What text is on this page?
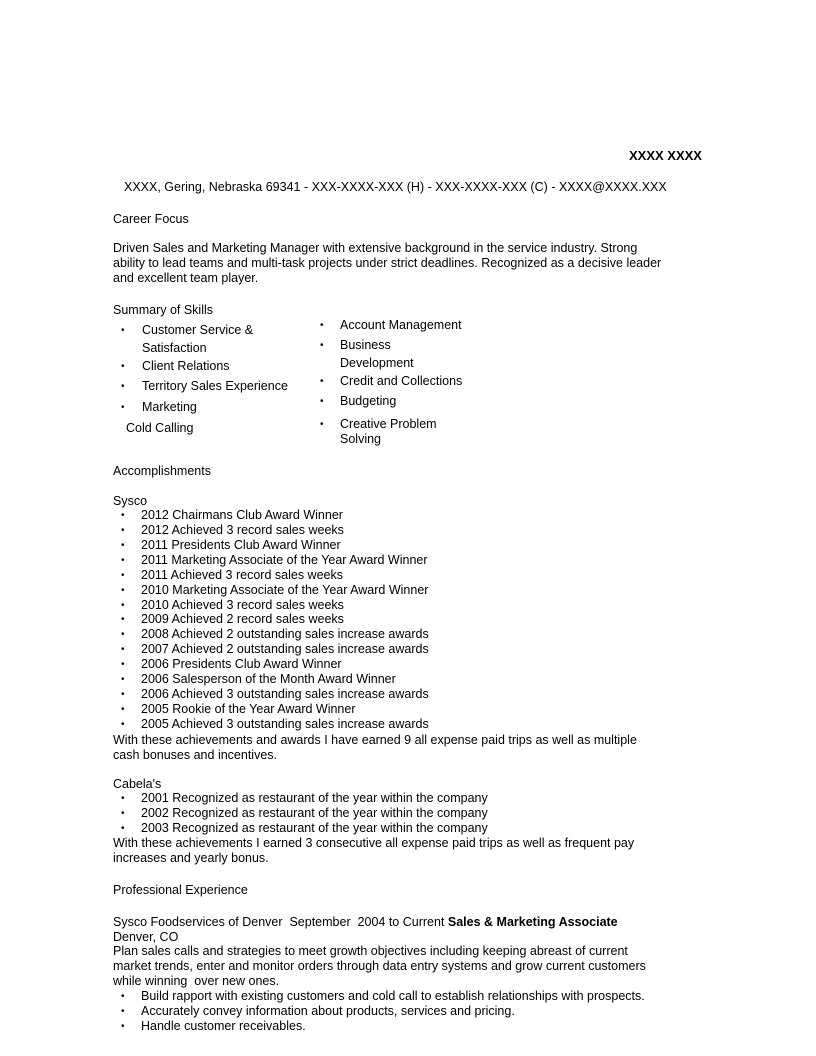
XXXX XXXX
XXXX, Gering, Nebraska 69341 - XXX-XXXX-XXX (H) - XXX-XXXX-XXX (C) - XXXX@XXXX.XXX
Career Focus
Driven Sales and Marketing Manager with extensive background in the service industry. Strong
ability to lead teams and multi-task projects under strict deadlines. Recognized as a decisive leader
and excellent team player.
Summary of Skills
• Customer Service &
Satisfaction
• Client Relations
• Territory Sales Experience
• Marketing
Cold Calling
• Account Management
• Business
Development
• Credit and Collections
• Budgeting
• Creative Problem
Solving
Accomplishments
Sysco
• 2012 Chairmans Club Award Winner
• 2012 Achieved 3 record sales weeks
• 2011 Presidents Club Award Winner
• 2011 Marketing Associate of the Year Award Winner
• 2011 Achieved 3 record sales weeks
• 2010 Marketing Associate of the Year Award Winner
• 2010 Achieved 3 record sales weeks
• 2009 Achieved 2 record sales weeks
• 2008 Achieved 2 outstanding sales increase awards
• 2007 Achieved 2 outstanding sales increase awards
• 2006 Presidents Club Award Winner
• 2006 Salesperson of the Month Award Winner
• 2006 Achieved 3 outstanding sales increase awards
• 2005 Rookie of the Year Award Winner
• 2005 Achieved 3 outstanding sales increase awards
With these achievements and awards I have earned 9 all expense paid trips as well as multiple
cash bonuses and incentives.
Cabela's
• 2001 Recognized as restaurant of the year within the company
• 2002 Recognized as restaurant of the year within the company
• 2003 Recognized as restaurant of the year within the company
With these achievements I earned 3 consecutive all expense paid trips as well as frequent pay
increases and yearly bonus.
Professional Experience
Sysco Foodservices of Denver  September  2004 to Current Sales & Marketing Associate
Denver, CO
Plan sales calls and strategies to meet growth objectives including keeping abreast of current
market trends, enter and monitor orders through data entry systems and grow current customers
while winning  over new ones.
• Build rapport with existing customers and cold call to establish relationships with prospects.
• Accurately convey information about products, services and pricing.
• Handle customer receivables.
